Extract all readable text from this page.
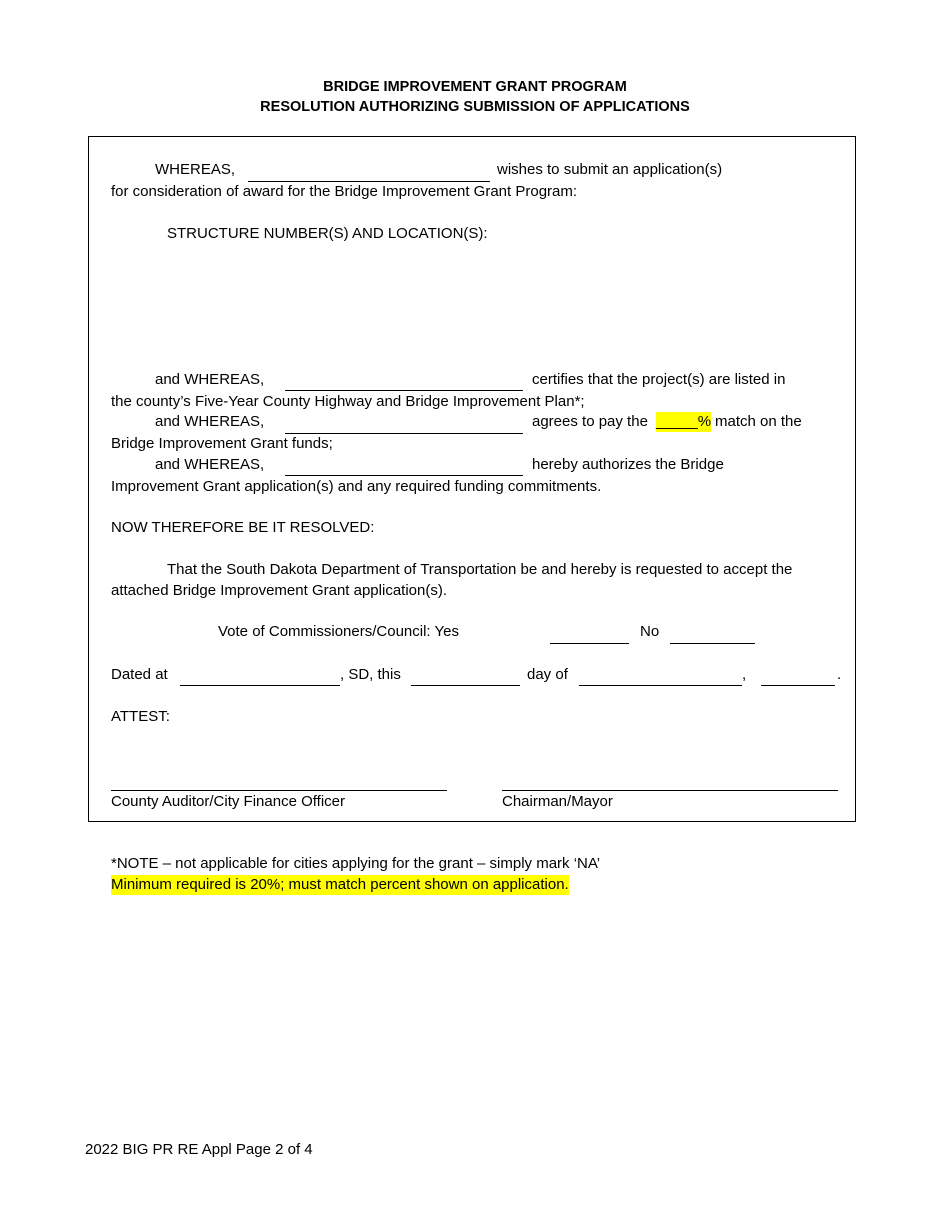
BRIDGE IMPROVEMENT GRANT PROGRAM
RESOLUTION AUTHORIZING SUBMISSION OF APPLICATIONS
WHEREAS,	wishes to submit an application(s)
for consideration of award for the Bridge Improvement Grant Program:
STRUCTURE NUMBER(S) AND LOCATION(S):
and WHEREAS,	certifies that the project(s) are listed in
the county’s Five-Year County Highway and Bridge Improvement Plan*;
and WHEREAS,	agrees to pay the _____% match on the
Bridge Improvement Grant funds;
and WHEREAS,	hereby authorizes the Bridge
Improvement Grant application(s) and any required funding commitments.
NOW THEREFORE BE IT RESOLVED:
That the South Dakota Department of Transportation be and hereby is requested to accept the
attached Bridge Improvement Grant application(s).
Vote of Commissioners/Council: Yes	No
Dated at	, SD, this	day of	,	.
ATTEST:
County Auditor/City Finance Officer	Chairman/Mayor
*NOTE – not applicable for cities applying for the grant – simply mark ‘NA’
Minimum required is 20%; must match percent shown on application.
2022 BIG PR RE Appl Page 2 of 4
